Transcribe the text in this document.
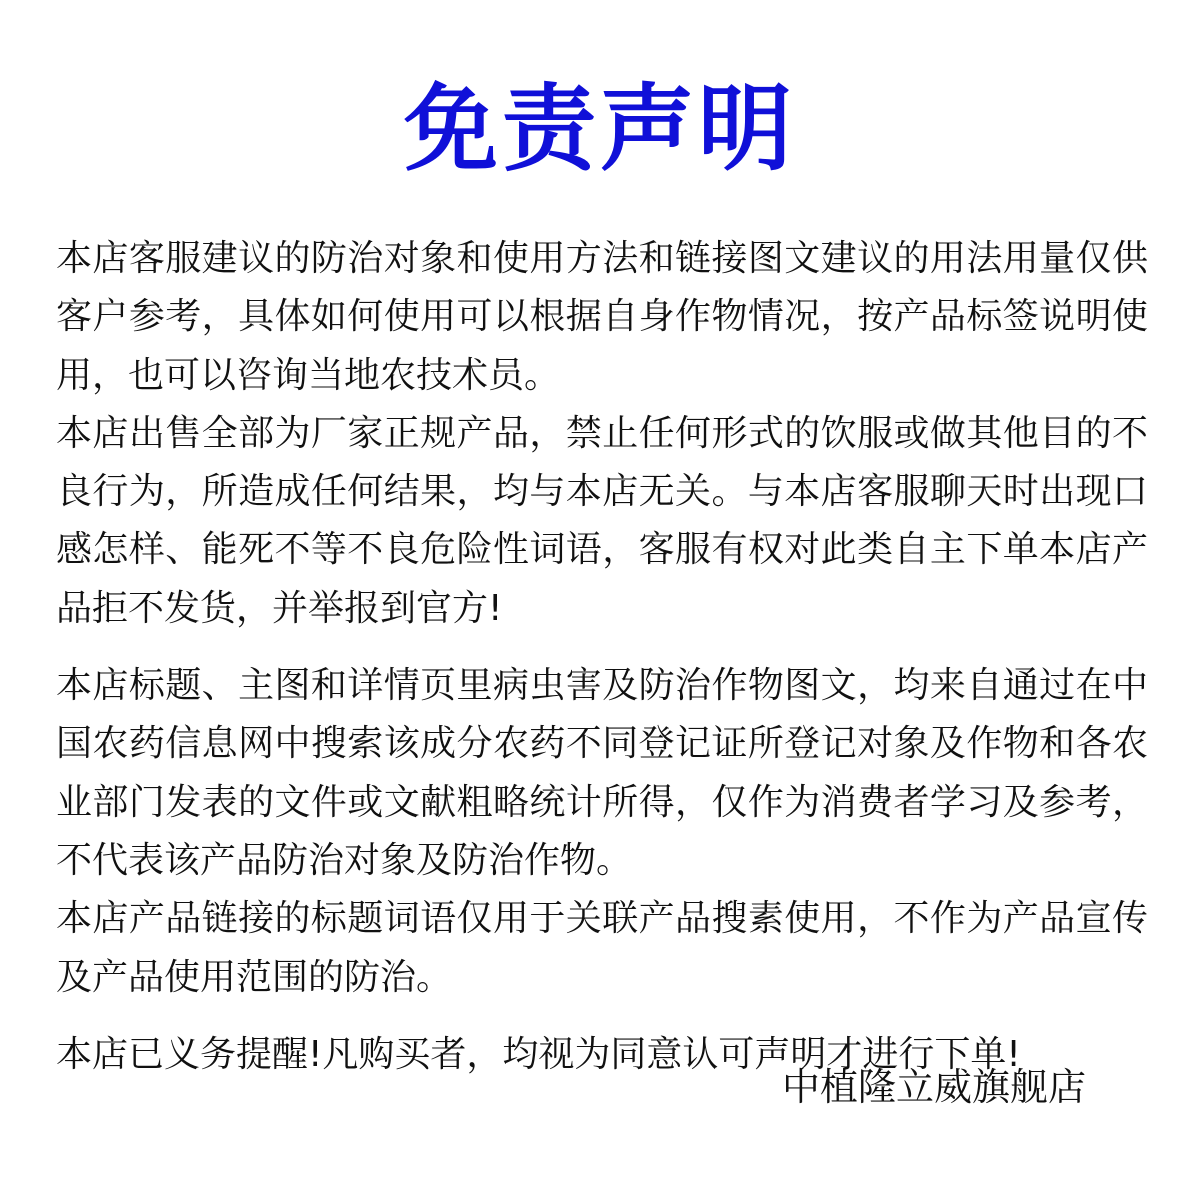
免责声明

本店客服建议的防治对象和使用方法和链接图文建议的用法用量仅供客户参考，具体如何使用可以根据自身作物情况，按产品标签说明使用，也可以咨询当地农技术员。

本店出售全部为厂家正规产品，禁止任何形式的饮服或做其他目的不良行为，所造成任何结果，均与本店无关。与本店客服聊天时出现口感怎样、能死不等不良危险性词语，客服有权对此类自主下单本店产品拒不发货，并举报到官方!

本店标题、主图和详情页里病虫害及防治作物图文，均来自通过在中国农药信息网中搜索该成分农药不同登记证所登记对象及作物和各农业部门发表的文件或文献粗略统计所得，仅作为消费者学习及参考，不代表该产品防治对象及防治作物。

本店产品链接的标题词语仅用于关联产品搜素使用，不作为产品宣传及产品使用范围的防治。

本店已义务提醒!凡购买者，均视为同意认可声明才进行下单!

中植隆立威旗舰店
